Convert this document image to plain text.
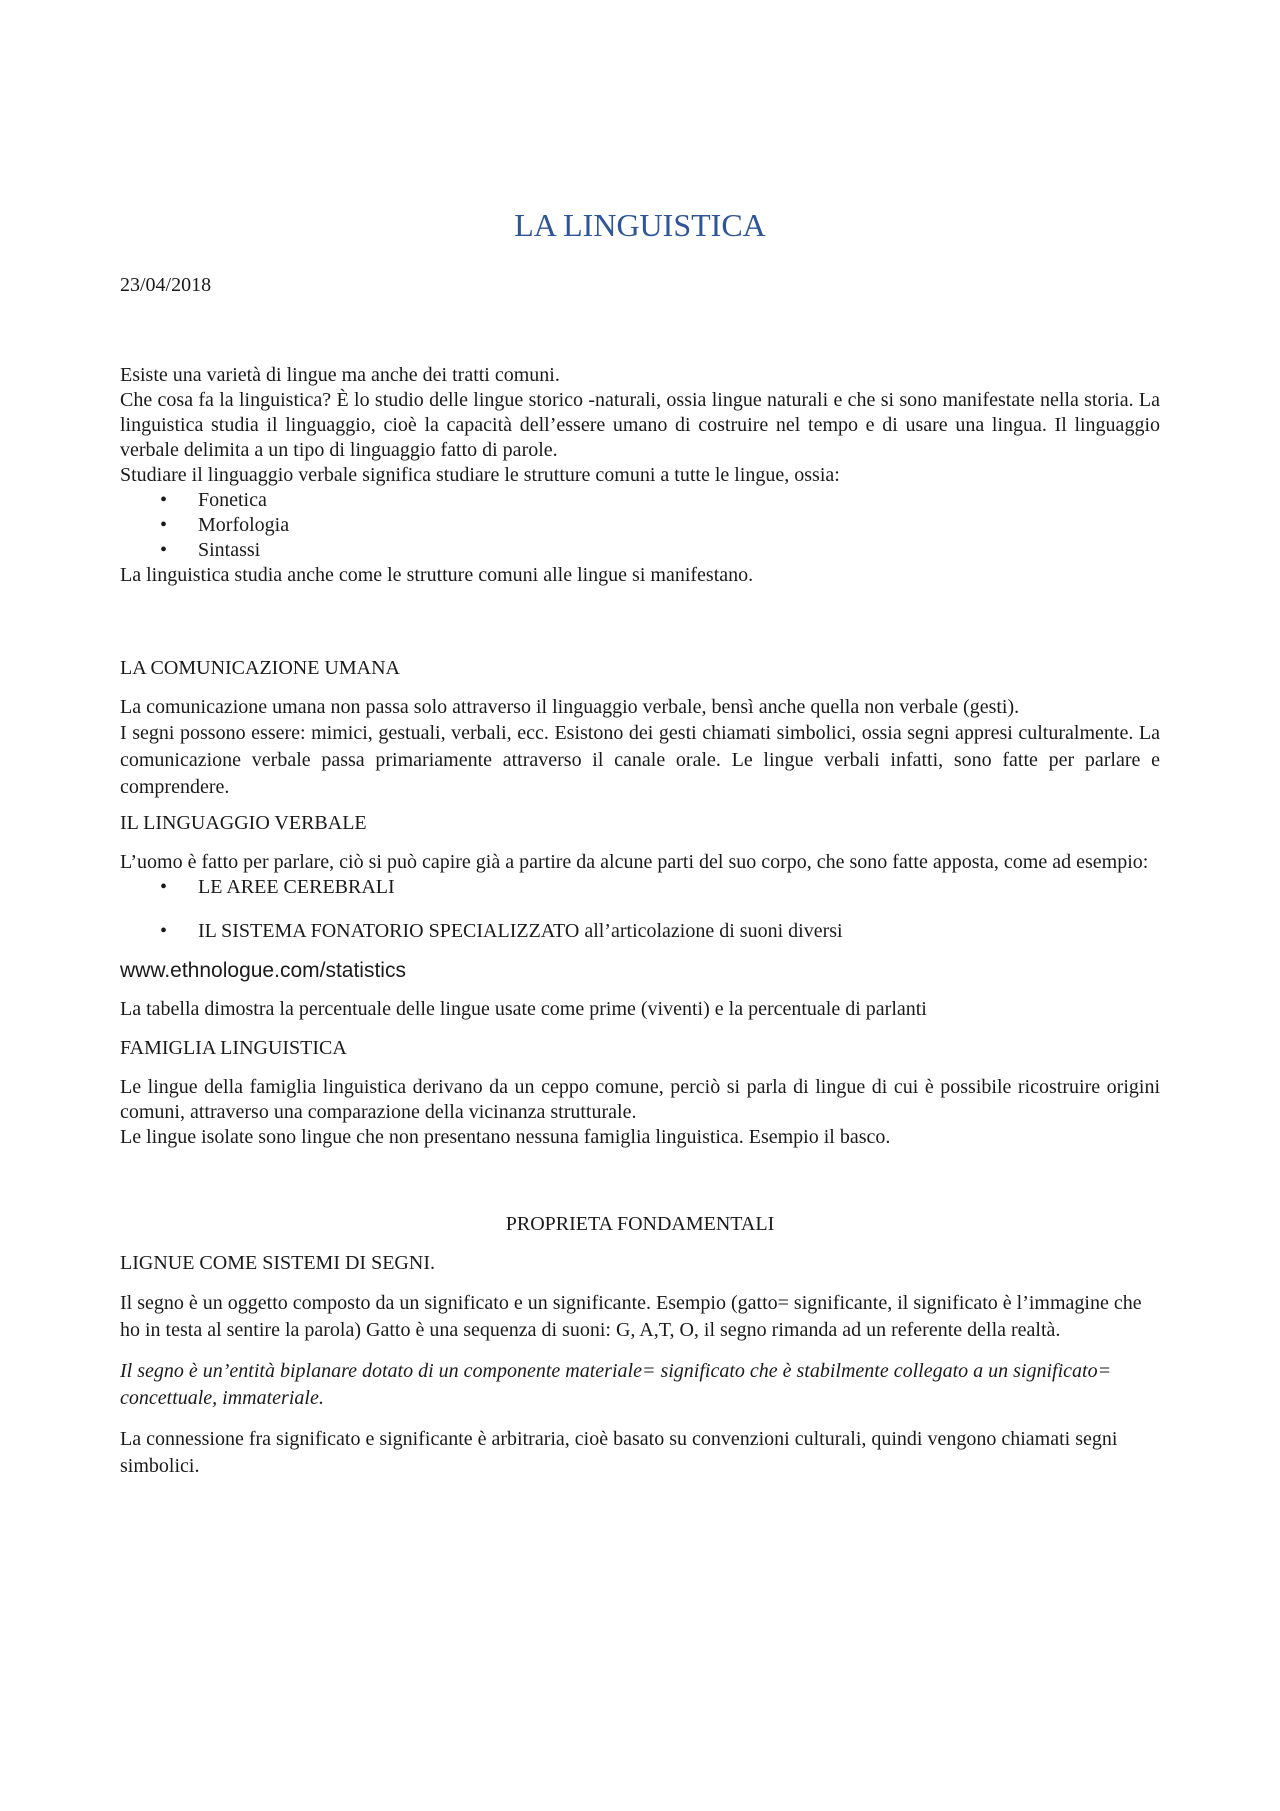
LA LINGUISTICA

23/04/2018

Esiste una varietà di lingue ma anche dei tratti comuni.

Che cosa fa la linguistica? È lo studio delle lingue storico -naturali, ossia lingue naturali e che si sono manifestate nella storia. La linguistica studia il linguaggio, cioè la capacità dell’essere umano di costruire nel tempo e di usare una lingua. Il linguaggio verbale delimita a un tipo di linguaggio fatto di parole.

Studiare il linguaggio verbale significa studiare le strutture comuni a tutte le lingue, ossia:

• Fonetica
• Morfologia
• Sintassi

La linguistica studia anche come le strutture comuni alle lingue si manifestano.

LA COMUNICAZIONE UMANA

La comunicazione umana non passa solo attraverso il linguaggio verbale, bensì anche quella non verbale (gesti).

I segni possono essere: mimici, gestuali, verbali, ecc. Esistono dei gesti chiamati simbolici, ossia segni appresi culturalmente. La comunicazione verbale passa primariamente attraverso il canale orale. Le lingue verbali infatti, sono fatte per parlare e comprendere.

IL LINGUAGGIO VERBALE

L’uomo è fatto per parlare, ciò si può capire già a partire da alcune parti del suo corpo, che sono fatte apposta, come ad esempio:

• LE AREE CEREBRALI
• IL SISTEMA FONATORIO SPECIALIZZATO all’articolazione di suoni diversi

www.ethnologue.com/statistics

La tabella dimostra la percentuale delle lingue usate come prime (viventi) e la percentuale di parlanti

FAMIGLIA LINGUISTICA

Le lingue della famiglia linguistica derivano da un ceppo comune, perciò si parla di lingue di cui è possibile ricostruire origini comuni, attraverso una comparazione della vicinanza strutturale.

Le lingue isolate sono lingue che non presentano nessuna famiglia linguistica. Esempio il basco.

PROPRIETA FONDAMENTALI

LIGNUE COME SISTEMI DI SEGNI.

Il segno è un oggetto composto da un significato e un significante. Esempio (gatto= significante, il significato è l’immagine che ho in testa al sentire la parola) Gatto è una sequenza di suoni: G, A,T, O, il segno rimanda ad un referente della realtà.

Il segno è un’entità biplanare dotato di un componente materiale= significato che è stabilmente collegato a un significato= concettuale, immateriale.

La connessione fra significato e significante è arbitraria, cioè basato su convenzioni culturali, quindi vengono chiamati segni simbolici.
